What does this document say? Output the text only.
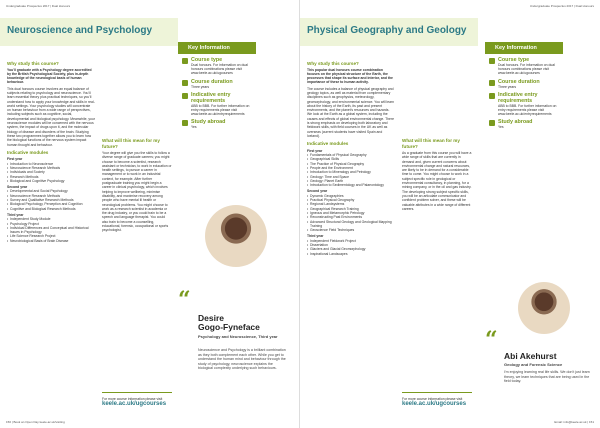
Undergraduate Prospectus 2017 | Dual Honours
Neuroscience and Psychology
Why study this course?
You'll graduate with a Psychology degree accredited by the British Psychological Society, plus in-depth knowledge of the neurological basis of human behaviour.
This dual honours course involves an equal balance of subjects relating to psychology and neuroscience. You'll learn essential theory plus practical techniques, so you'll understand how to apply your knowledge and skills in real-world settings. Your psychology studies will concentrate on human behaviour from a wide range of perspectives, including subjects such as cognitive, social, developmental and biological psychology. Meanwhile, your neuroscience modules will be concerned with the nervous system, the impact of drugs upon it, and the molecular biology of disease and disorders of the brain. Studying these two programmes together allows you to learn how the biological functions of the nervous system impact human thought and behaviour.
Indicative modules
First year
• Introduction to Neuroscience
• Neuroscience Research Methods
• Individuals and Society
• Research Methods
• Biological and Cognitive Psychology
Second year
• Developmental and Social Psychology
• Neuroscience Research Methods
• Survey and Qualitative Research Methods
• Biological Psychology, Perception and Cognition
• Cognitive and Biological Research Methods
Third year
• Independent Study Module
• Psychology Project
• Individual Differences and Conceptual and Historical Issues in Psychology
• Life Science Research Project
• Neurobiological Basis of Brain Disease
What will this mean for my future?
Your degree will give you the skills to follow a diverse range of graduate careers; you might choose to become a scientist, research assistant or technician, to work in education or health settings, to pursue a career in management or to work in an industrial context, for example. After further postgraduate training you might begin a career in clinical psychology, which involves helping to improve wellbeing, minimise disability, and maximise recovery among people who have mental ill health or neurological problems. You might choose to work as a research scientist in academia or the drug industry, or you could train to be a speech and language therapist. You could also train to become a counselling, educational, forensic, occupational or sports psychologist.
Key Information
Course type
Dual honours. For information on dual honours combinations please visit www.keele.ac.uk/ugcourses
Course duration
Three years
Indicative entry requirements
ABB to BBB. For further information on entry requirements please visit www.keele.ac.uk/entryrequirements
Study abroad
Yes
“
Desire
Gogo-Fyneface
Psychology and Neuroscience, Third year
Neuroscience and Psychology is a brilliant combination as they both complement each other. While you get to understand the human mind and behaviour through the study of psychology, neuroscience explains the biological complexity underlying such behaviours.
For more course information please visit
keele.ac.uk/ugcourses
150 | Book an Open Day keele.ac.uk/visiting
Undergraduate Prospectus 2017 | Dual Honours
Physical Geography and Geology
Why study this course?
This popular dual honours course combination focuses on the physical structure of the Earth, the processes that shape its surface and interior, and the importance of these to human activity.
The course includes a balance of physical geography and geology topics, as well as material from complementary disciplines such as geophysics, meteorology, geomorphology, and environmental science. You will learn about the history of the Earth, its past and present environments, and the planet's resources and hazards. We look at the Earth as a global system, including the causes and effects of global environmental change. There is strong emphasis on developing both laboratory and fieldwork skills, with field courses in the UK as well as overseas (current students have visited Spain and Iceland).
Indicative modules
First year
• Fundamentals of Physical Geography
• Geographical Skills
• The Practice of Physical Geography
• People and the Environment
• Introduction to Mineralogy and Petrology
• Geology: Time and Space
• Geology: Planet Earth
• Introduction to Sedimentology and Palaeontology
Second year
• Dynamic Geographies
• Practical Physical Geography
• Regional Landsystems
• Geographical Research Training
• Igneous and Metamorphic Petrology
• Reconstructing Past Environments
• Advanced Structural Geology and Geological Mapping Training
• Geoscience Field Techniques
Third year
• Independent Fieldwork Project
• Dissertation
• Glaciers and Glacial Geomorphology
• Inspirational Landscapes
What will this mean for my future?
As a graduate from this course you will have a wide range of skills that are currently in demand and, given current concerns about environmental change and natural resources, are likely to be in demand for a considerable time to come. You might choose to work in a subject specific role in geological or environmental consultancy, in planning, for a mining company, or in the oil and gas industry. The developing strong subject specific skills, you will be an articulate communicator and confident problem solver, and these will be valuable attributes in a wide range of different careers.
Key Information
Course type
Dual honours. For information on dual honours combinations please visit www.keele.ac.uk/ugcourses
Course duration
Three years
Indicative entry requirements
ABB to BBB. For further information on entry requirements please visit www.keele.ac.uk/entryrequirements
Study abroad
Yes
“
Abi Akehurst
Geology and Forensic Science
I'm enjoying learning real life skills. We don't just learn theory, we learn techniques that are being used in the field today.
For more course information please visit
keele.ac.uk/ugcourses
Email: info@keele.ac.uk | 151
